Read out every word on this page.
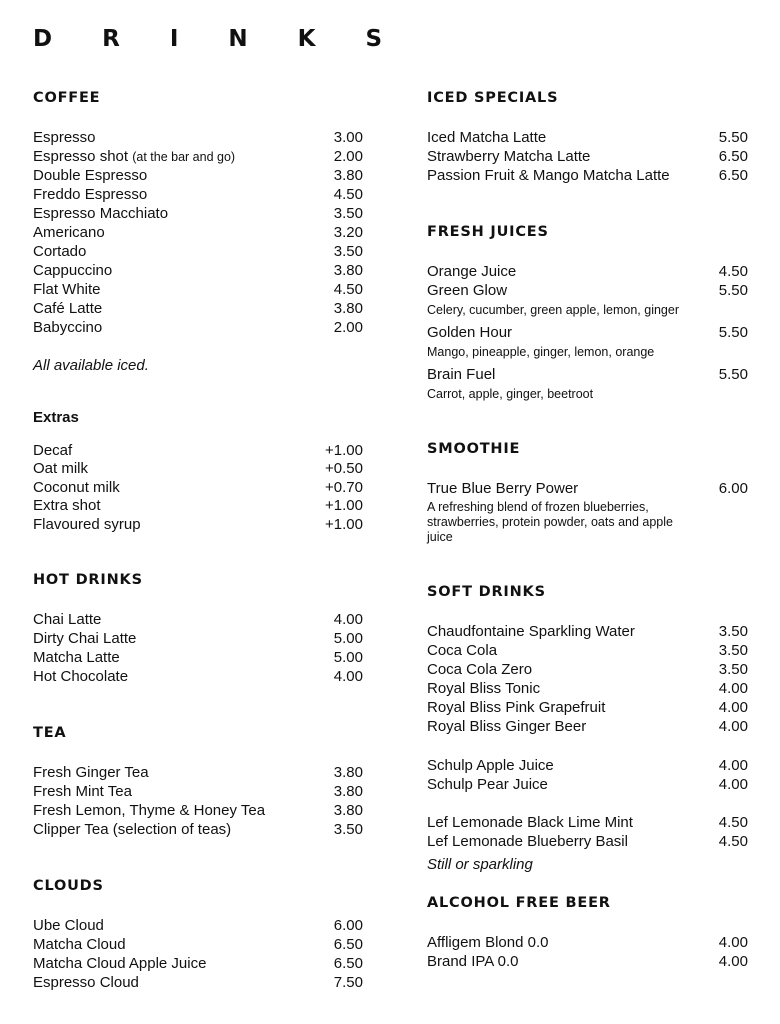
D R I N K S
COFFEE
Espresso	3.00
Espresso shot (at the bar and go)	2.00
Double Espresso	3.80
Freddo Espresso	4.50
Espresso Macchiato	3.50
Americano	3.20
Cortado	3.50
Cappuccino	3.80
Flat White	4.50
Café Latte	3.80
Babyccino	2.00
All available iced.
Extras
Decaf	+1.00
Oat milk	+0.50
Coconut milk	+0.70
Extra shot	+1.00
Flavoured syrup	+1.00
HOT DRINKS
Chai Latte	4.00
Dirty Chai Latte	5.00
Matcha Latte	5.00
Hot Chocolate	4.00
TEA
Fresh Ginger Tea	3.80
Fresh Mint Tea	3.80
Fresh Lemon, Thyme & Honey Tea	3.80
Clipper Tea (selection of teas)	3.50
CLOUDS
Ube Cloud	6.00
Matcha Cloud	6.50
Matcha Cloud Apple Juice	6.50
Espresso Cloud	7.50
ICED SPECIALS
Iced Matcha Latte	5.50
Strawberry Matcha Latte	6.50
Passion Fruit & Mango Matcha Latte	6.50
FRESH JUICES
Orange Juice	4.50
Green Glow	5.50
Celery, cucumber, green apple, lemon, ginger
Golden Hour	5.50
Mango, pineapple, ginger, lemon, orange
Brain Fuel	5.50
Carrot, apple, ginger, beetroot
SMOOTHIE
True Blue Berry Power	6.00
A refreshing blend of frozen blueberries, strawberries, protein powder, oats and apple juice
SOFT DRINKS
Chaudfontaine Sparkling Water	3.50
Coca Cola	3.50
Coca Cola Zero	3.50
Royal Bliss Tonic	4.00
Royal Bliss Pink Grapefruit	4.00
Royal Bliss Ginger Beer	4.00
Schulp Apple Juice	4.00
Schulp Pear Juice	4.00
Lef Lemonade Black Lime Mint	4.50
Lef Lemonade Blueberry Basil	4.50
Still or sparkling
ALCOHOL FREE BEER
Affligem Blond 0.0	4.00
Brand IPA 0.0	4.00
